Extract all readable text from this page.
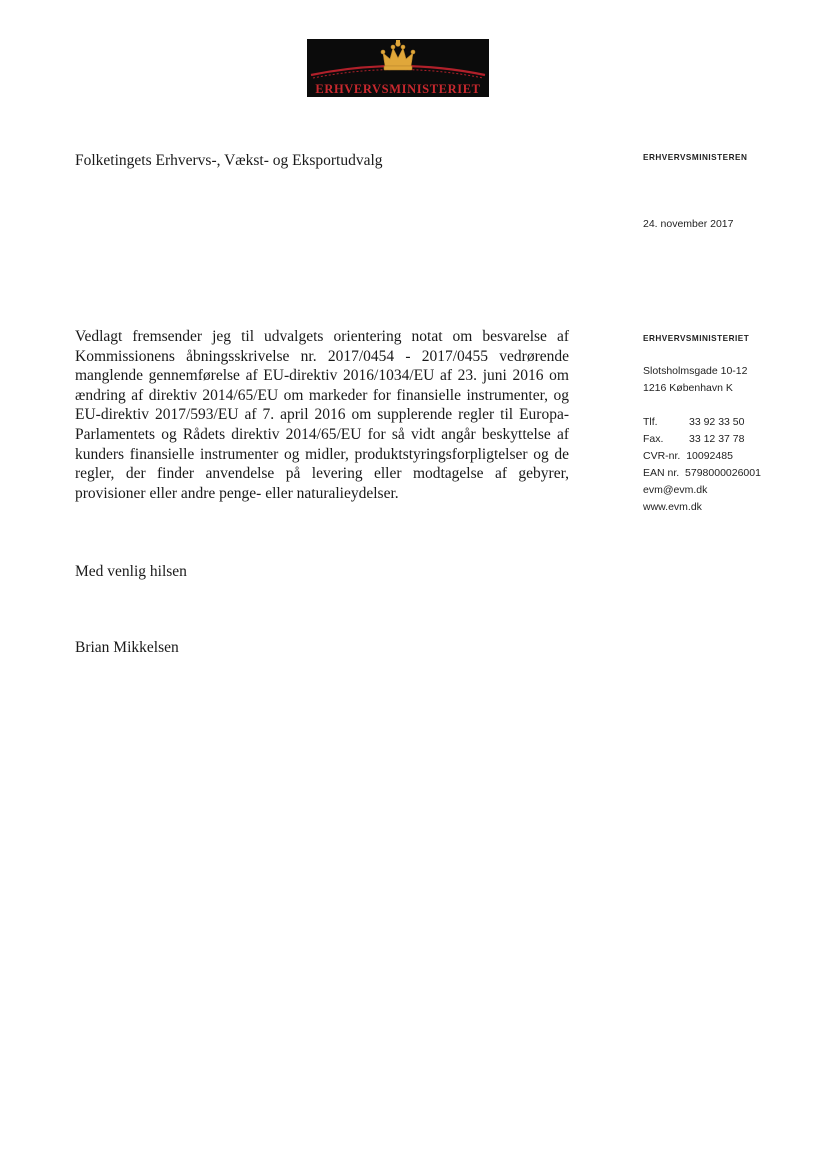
ERHVERVSMINISTERIET
Folketingets Erhvervs-, Vækst- og Eksportudvalg	ERHVERVSMINISTEREN
24. november 2017
ERHVERVSMINISTERIET
Slotsholmsgade 10-12
1216 København K
Tlf.	33 92 33 50
Fax. 33 12 37 78
CVR-nr. 10092485
EAN nr. 5798000026001
evm@evm.dk
www.evm.dk
Vedlagt fremsender jeg til udvalgets orientering notat om besvarelse af Kommissionens åbningsskrivelse nr. 2017/0454 - 2017/0455 vedrørende manglende gennemførelse af EU-direktiv 2016/1034/EU af 23. juni 2016 om ændring af direktiv 2014/65/EU om markeder for finansielle instrumenter, og EU-direktiv 2017/593/EU af 7. april 2016 om supplerende regler til Europa-Parlamentets og Rådets direktiv 2014/65/EU for så vidt angår beskyttelse af kunders finansielle instrumenter og midler, produktstyringsforpligtelser og de regler, der finder anvendelse på levering eller modtagelse af gebyrer, provisioner eller andre penge- eller naturalieydelser.
Med venlig hilsen
Brian Mikkelsen
